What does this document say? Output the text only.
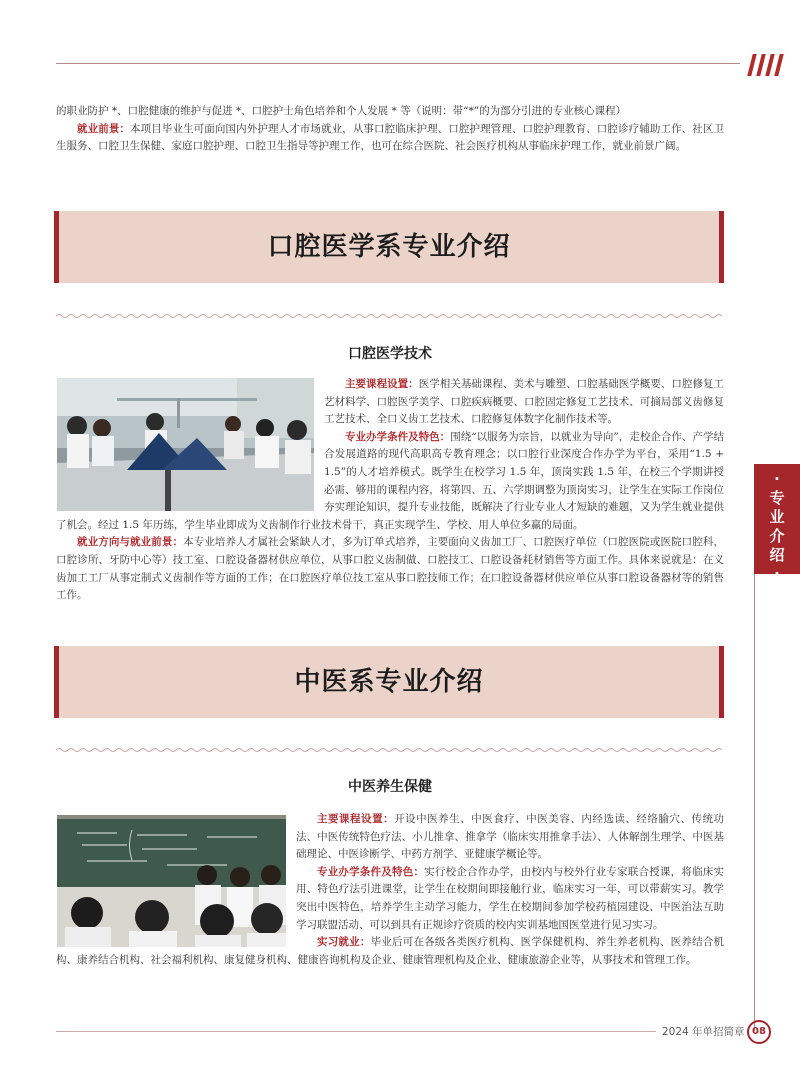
的职业防护 *、口腔健康的维护与促进 *、口腔护士角色培养和个人发展 * 等（说明：带“*”的为部分引进的专业核心课程）

就业前景：本项目毕业生可面向国内外护理人才市场就业，从事口腔临床护理、口腔护理管理、口腔护理教育、口腔诊疗辅助工作、社区卫生服务、口腔卫生保健、家庭口腔护理、口腔卫生指导等护理工作，也可在综合医院、社会医疗机构从事临床护理工作，就业前景广阔。

口腔医学系专业介绍
口腔医学技术

主要课程设置：医学相关基础课程、美术与雕塑、口腔基础医学概要、口腔修复工艺材料学、口腔医学美学、口腔疾病概要、口腔固定修复工艺技术、可摘局部义齿修复工艺技术、全口义齿工艺技术、口腔修复体数字化制作技术等。

专业办学条件及特色：围绕“以服务为宗旨，以就业为导向”，走校企合作、产学结合发展道路的现代高职高专教育理念；以口腔行业深度合作办学为平台，采用“1.5 + 1.5”的人才培养模式。既学生在校学习 1.5 年，顶岗实践 1.5 年，在校三个学期讲授必需、够用的课程内容，将第四、五、六学期调整为顶岗实习，让学生在实际工作岗位夯实理论知识，提升专业技能，既解决了行业专业人才短缺的难题，又为学生就业提供了机会。经过 1.5 年历练，学生毕业即成为义齿制作行业技术骨干，真正实现学生、学校、用人单位多赢的局面。

就业方向与就业前景：本专业培养人才属社会紧缺人才，多为订单式培养，主要面向义齿加工厂、口腔医疗单位（口腔医院或医院口腔科，口腔诊所、牙防中心等）技工室、口腔设备器材供应单位，从事口腔义齿制做、口腔技工、口腔设备耗材销售等方面工作。具体来说就是：在义齿加工工厂从事定制式义齿制作等方面的工作；在口腔医疗单位技工室从事口腔技师工作；在口腔设备器材供应单位从事口腔设备器材等的销售工作。

中医系专业介绍
中医养生保健

主要课程设置：开设中医养生、中医食疗、中医美容、内经选读、经络腧穴、传统功法、中医传统特色疗法、小儿推拿、推拿学（临床实用推拿手法）、人体解剖生理学、中医基础理论、中医诊断学、中药方剂学、亚健康学概论等。

专业办学条件及特色：实行校企合作办学，由校内与校外行业专家联合授课，将临床实用、特色疗法引进课堂，让学生在校期间即接触行业，临床实习一年，可以带薪实习。教学突出中医特色，培养学生主动学习能力，学生在校期间参加学校药植园建设、中医治法互助学习联盟活动、可以到具有正规诊疗资质的校内实训基地国医堂进行见习实习。

实习就业：毕业后可在各级各类医疗机构、医学保健机构、养生养老机构、医养结合机构、康养结合机构、社会福利机构、康复健身机构、健康咨询机构及企业、健康管理机构及企业、健康旅游企业等，从事技术和管理工作。

·
专
业
介
绍
·
2024 年单招简章 08
